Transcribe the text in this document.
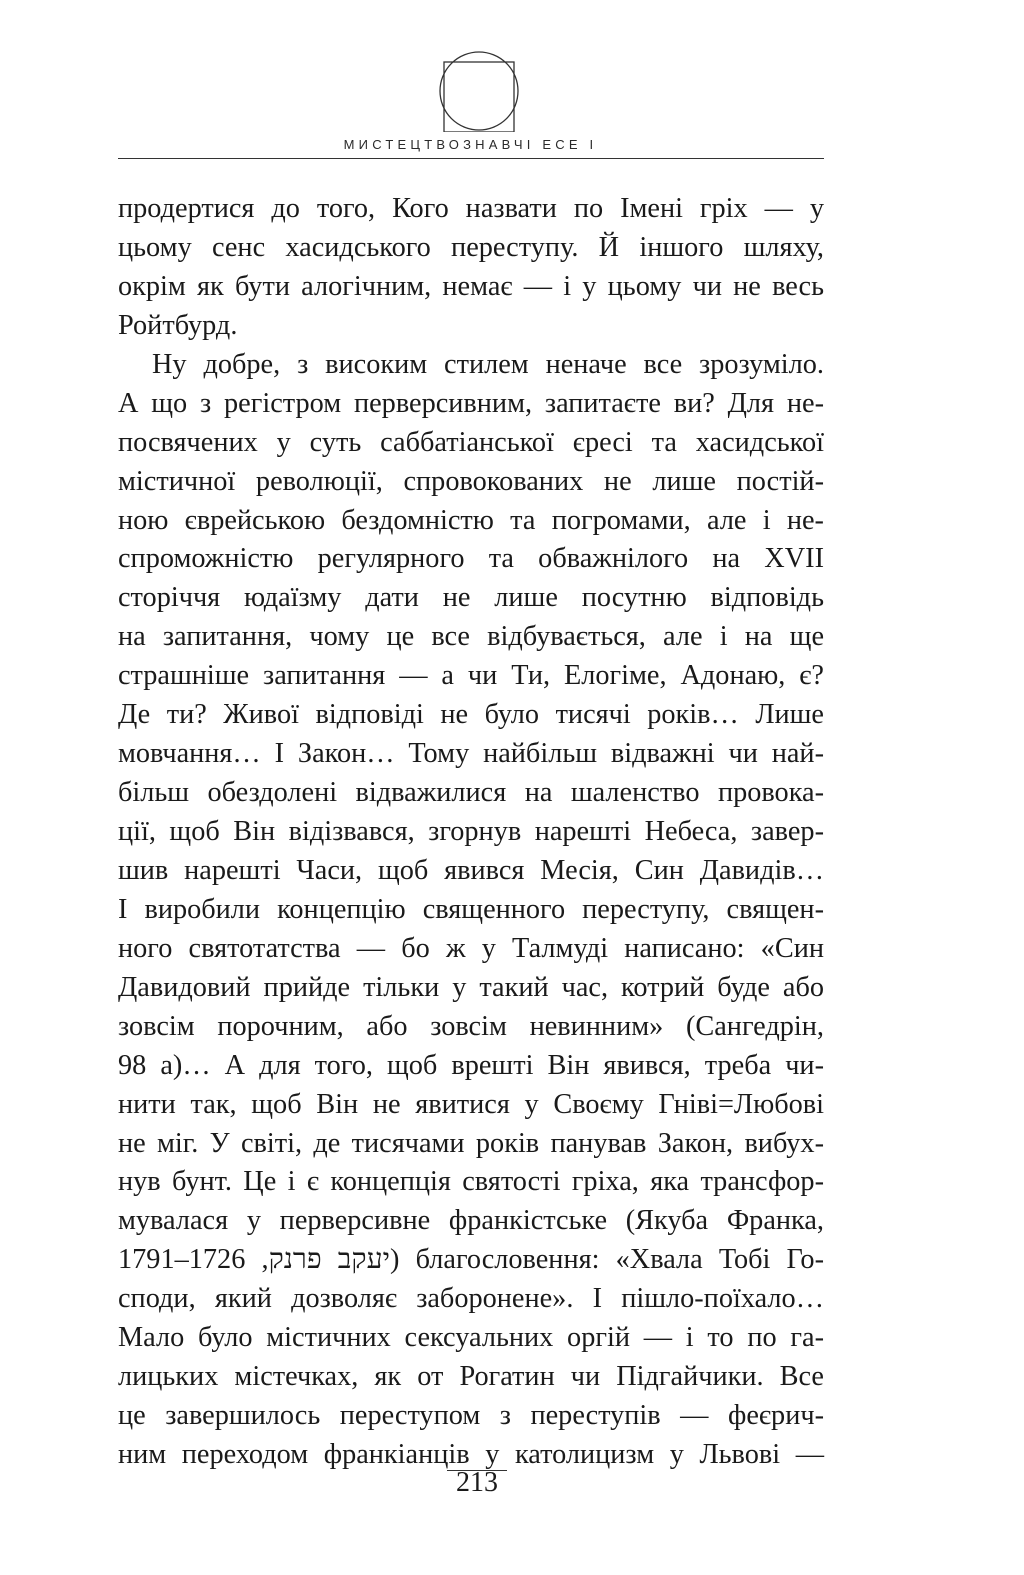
МИСТЕЦТВОЗНАВЧІ ЕСЕ І
продертися до того, Кого назвати по Імені гріх — у
цьому сенс хасидського переступу. Й іншого шляху,
окрім як бути алогічним, немає — і у цьому чи не весь
Ройтбурд.
Ну добре, з високим стилем неначе все зрозуміло.
А що з регістром перверсивним, запитаєте ви? Для не-
посвячених у суть саббатіанської єресі та хасидської
містичної революції, спровокованих не лише постій-
ною єврейською бездомністю та погромами, але і не-
спроможністю регулярного та обважнілого на XVII
сторіччя юдаїзму дати не лише посутню відповідь
на запитання, чому це все відбувається, але і на ще
страшніше запитання — а чи Ти, Елогіме, Адонаю, є?
Де ти? Живої відповіді не було тисячі років… Лише
мовчання… І Закон… Тому найбільш відважні чи най-
більш обездолені відважилися на шаленство провока-
ції, щоб Він відізвався, згорнув нарешті Небеса, завер-
шив нарешті Часи, щоб явився Месія, Син Давидів…
І виробили концепцію священного переступу, священ-
ного святотатства — бо ж у Талмуді написано: «Син
Давидовий прийде тільки у такий час, котрий буде або
зовсім порочним, або зовсім невинним» (Сангедрін,
98 а)… А для того, щоб врешті Він явився, треба чи-
нити так, щоб Він не явитися у Своєму Гніві=Любові
не міг. У світі, де тисячами років панував Закон, вибух-
нув бунт. Це і є концепція святості гріха, яка трансфор-
мувалася у перверсивне франкістське (Якуба Франка,
יעקב פרנק, 1726–1791) благословення: «Хвала Тобі Го-
споди, який дозволяє заборонене». І пішло-поїхало…
Мало було містичних сексуальних оргій — і то по га-
лицьких містечках, як от Рогатин чи Підгайчики. Все
це завершилось переступом з переступів — феєрич-
ним переходом франкіанців у католицизм у Львові —
213
